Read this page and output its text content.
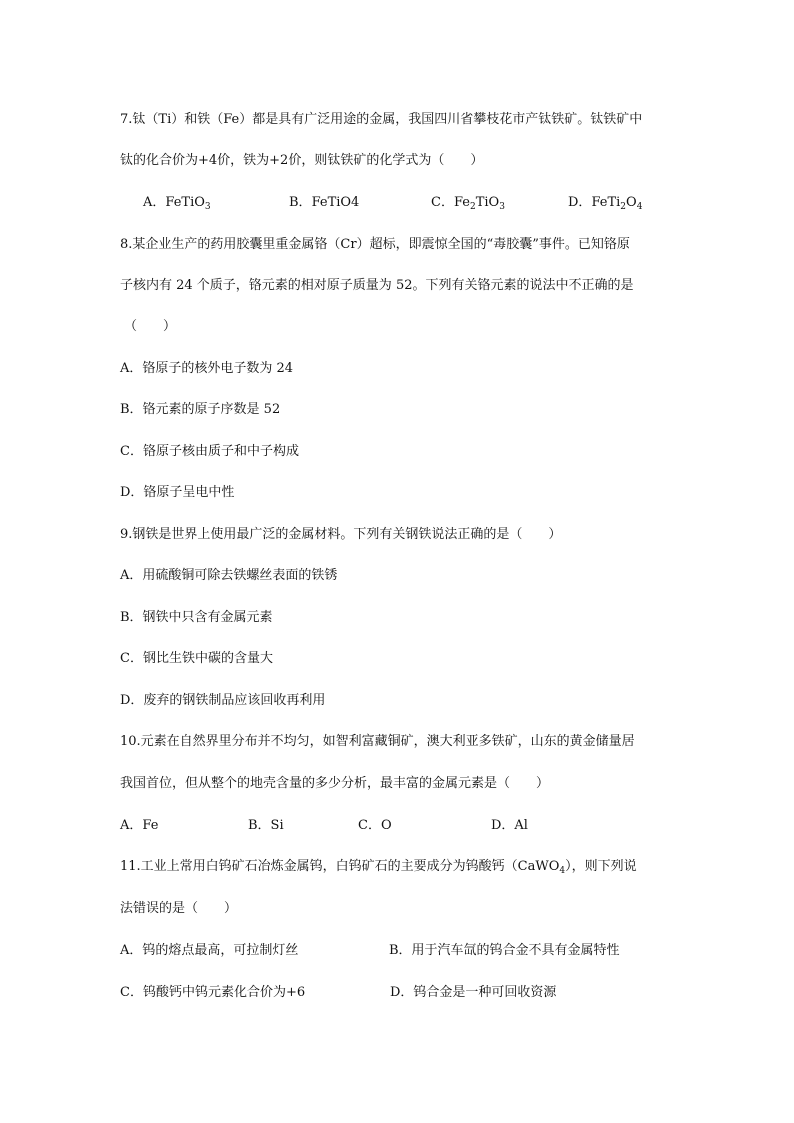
7.钛（Ti）和铁（Fe）都是具有广泛用途的金属，我国四川省攀枝花市产钛铁矿。钛铁矿中
钛的化合价为+4价，铁为+2价，则钛铁矿的化学式为（　　）
A．FeTiO$_3$	B．FeTiO4	C．$Fe_2TiO_3$	D．$FeTi_2O_4$
8.某企业生产的药用胶囊里重金属铬（Cr）超标，即震惊全国的“毒胶囊”事件。已知铬原
子核内有 24 个质子，铬元素的相对原子质量为 52。下列有关铬元素的说法中不正确的是
（　　）
A．铬原子的核外电子数为 24
B．铬元素的原子序数是 52
C．铬原子核由质子和中子构成
D．铬原子呈电中性
9.钢铁是世界上使用最广泛的金属材料。下列有关钢铁说法正确的是（　　）
A．用硫酸铜可除去铁螺丝表面的铁锈
B．钢铁中只含有金属元素
C．钢比生铁中碳的含量大
D．废弃的钢铁制品应该回收再利用
10.元素在自然界里分布并不均匀，如智利富藏铜矿，澳大利亚多铁矿，山东的黄金储量居
我国首位，但从整个的地壳含量的多少分析，最丰富的金属元素是（　　）
A．Fe	B．Si	C．O	D．Al
11.工业上常用白钨矿石冶炼金属钨，白钨矿石的主要成分为钨酸钙（CaWO$_4$），则下列说
法错误的是（　　）
A．钨的熔点最高，可拉制灯丝	B．用于汽车氙的钨合金不具有金属特性
C．钨酸钙中钨元素化合价为+6	D．钨合金是一种可回收资源
